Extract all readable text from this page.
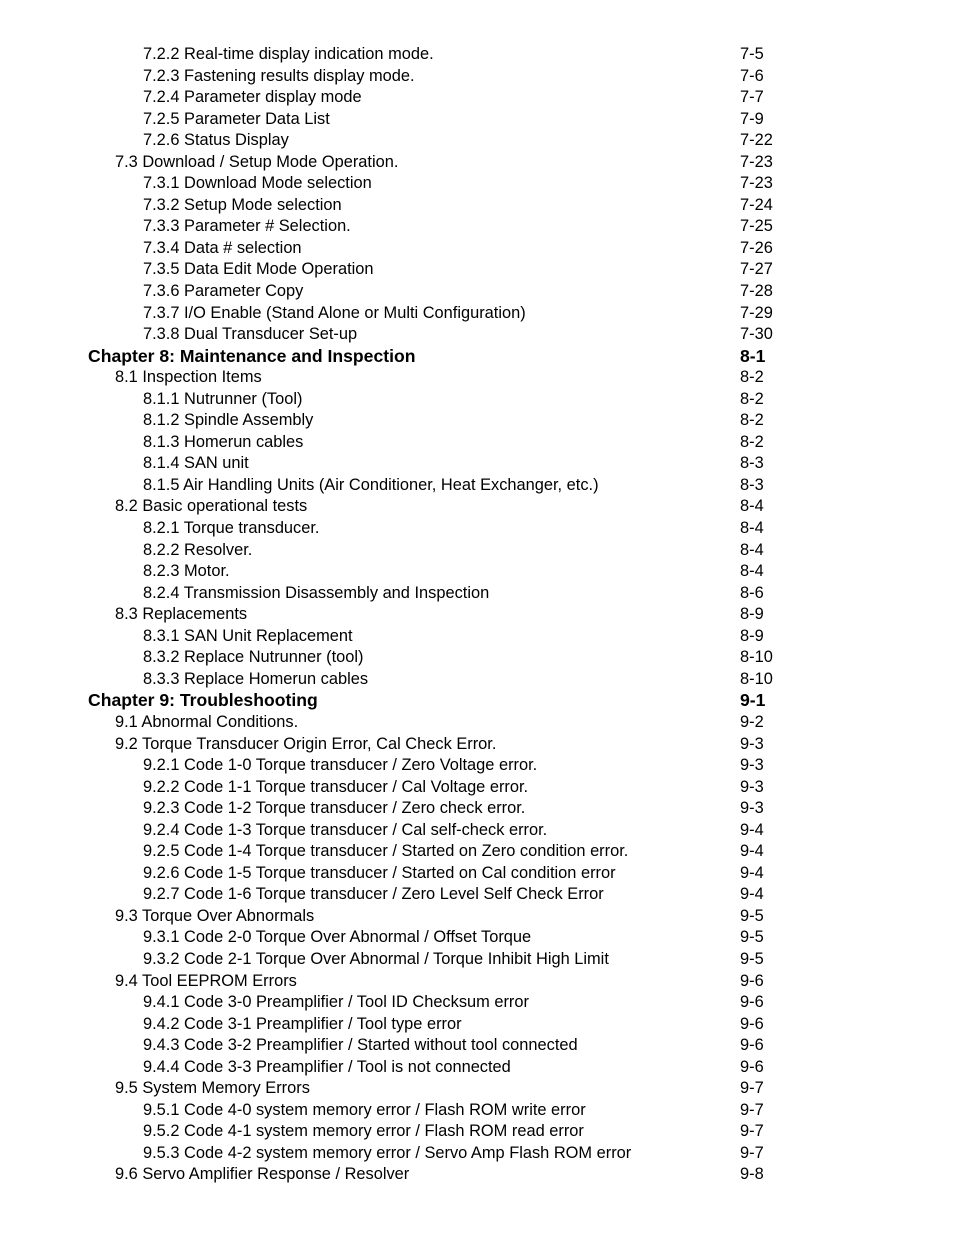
7.2.2 Real-time display indication mode.	7-5
7.2.3 Fastening results display mode.	7-6
7.2.4 Parameter display mode	7-7
7.2.5 Parameter Data List	7-9
7.2.6 Status Display	7-22
7.3 Download / Setup Mode Operation.	7-23
7.3.1 Download Mode selection	7-23
7.3.2 Setup Mode selection	7-24
7.3.3 Parameter # Selection.	7-25
7.3.4 Data # selection	7-26
7.3.5 Data Edit Mode Operation	7-27
7.3.6 Parameter Copy	7-28
7.3.7 I/O Enable (Stand Alone or Multi Configuration)	7-29
7.3.8 Dual Transducer Set-up	7-30
Chapter 8: Maintenance and Inspection	8-1
8.1 Inspection Items	8-2
8.1.1 Nutrunner (Tool)	8-2
8.1.2 Spindle Assembly	8-2
8.1.3 Homerun cables	8-2
8.1.4 SAN unit	8-3
8.1.5 Air Handling Units (Air Conditioner, Heat Exchanger, etc.)	8-3
8.2 Basic operational tests	8-4
8.2.1 Torque transducer.	8-4
8.2.2 Resolver.	8-4
8.2.3 Motor.	8-4
8.2.4 Transmission Disassembly and Inspection	8-6
8.3 Replacements	8-9
8.3.1 SAN Unit Replacement	8-9
8.3.2 Replace Nutrunner (tool)	8-10
8.3.3 Replace Homerun cables	8-10
Chapter 9: Troubleshooting	9-1
9.1 Abnormal Conditions.	9-2
9.2 Torque Transducer Origin Error, Cal Check Error.	9-3
9.2.1 Code 1-0 Torque transducer / Zero Voltage error.	9-3
9.2.2 Code 1-1 Torque transducer / Cal Voltage error.	9-3
9.2.3 Code 1-2 Torque transducer / Zero check error.	9-3
9.2.4 Code 1-3 Torque transducer / Cal self-check error.	9-4
9.2.5 Code 1-4 Torque transducer / Started on Zero condition error.	9-4
9.2.6 Code 1-5 Torque transducer / Started on Cal condition error	9-4
9.2.7 Code 1-6 Torque transducer / Zero Level Self Check Error	9-4
9.3 Torque Over Abnormals	9-5
9.3.1 Code 2-0 Torque Over Abnormal / Offset Torque	9-5
9.3.2 Code 2-1 Torque Over Abnormal / Torque Inhibit High Limit	9-5
9.4 Tool EEPROM Errors	9-6
9.4.1 Code 3-0 Preamplifier / Tool ID Checksum error	9-6
9.4.2 Code 3-1 Preamplifier / Tool type error	9-6
9.4.3 Code 3-2 Preamplifier / Started without tool connected	9-6
9.4.4 Code 3-3 Preamplifier / Tool is not connected	9-6
9.5 System Memory Errors	9-7
9.5.1 Code 4-0 system memory error / Flash ROM write error	9-7
9.5.2 Code 4-1 system memory error / Flash ROM read error	9-7
9.5.3 Code 4-2 system memory error / Servo Amp Flash ROM error	9-7
9.6 Servo Amplifier Response / Resolver	9-8
